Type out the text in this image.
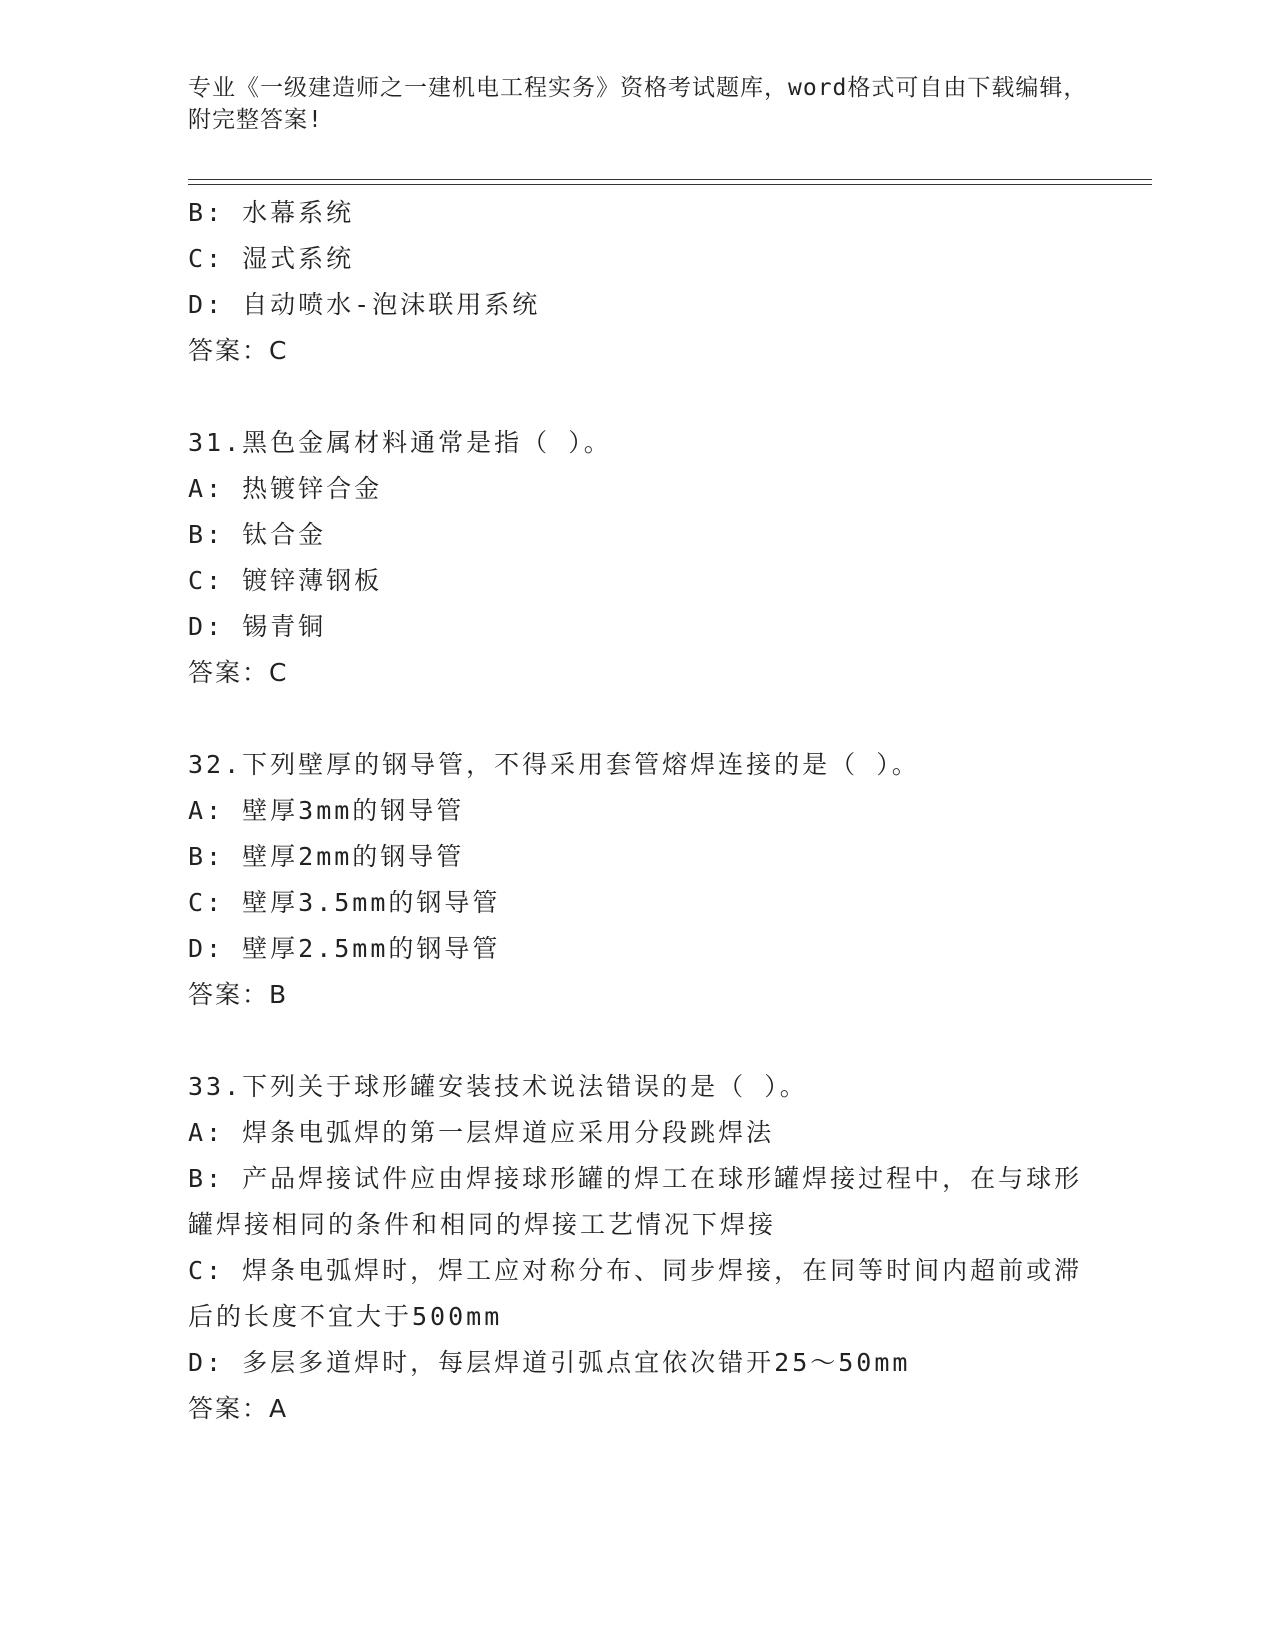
专业《一级建造师之一建机电工程实务》资格考试题库，word格式可自由下载编辑，附完整答案!
B: 水幕系统
C: 湿式系统
D: 自动喷水-泡沫联用系统
答案：C
31.黑色金属材料通常是指（ ）。
A: 热镀锌合金
B: 钛合金
C: 镀锌薄钢板
D: 锡青铜
答案：C
32.下列壁厚的钢导管，不得采用套管熔焊连接的是（ ）。
A: 壁厚3mm的钢导管
B: 壁厚2mm的钢导管
C: 壁厚3.5mm的钢导管
D: 壁厚2.5mm的钢导管
答案：B
33.下列关于球形罐安装技术说法错误的是（ ）。
A: 焊条电弧焊的第一层焊道应采用分段跳焊法
B: 产品焊接试件应由焊接球形罐的焊工在球形罐焊接过程中，在与球形罐焊接相同的条件和相同的焊接工艺情况下焊接
C: 焊条电弧焊时，焊工应对称分布、同步焊接，在同等时间内超前或滞后的长度不宜大于500mm
D: 多层多道焊时，每层焊道引弧点宜依次错开25～50mm
答案：A
